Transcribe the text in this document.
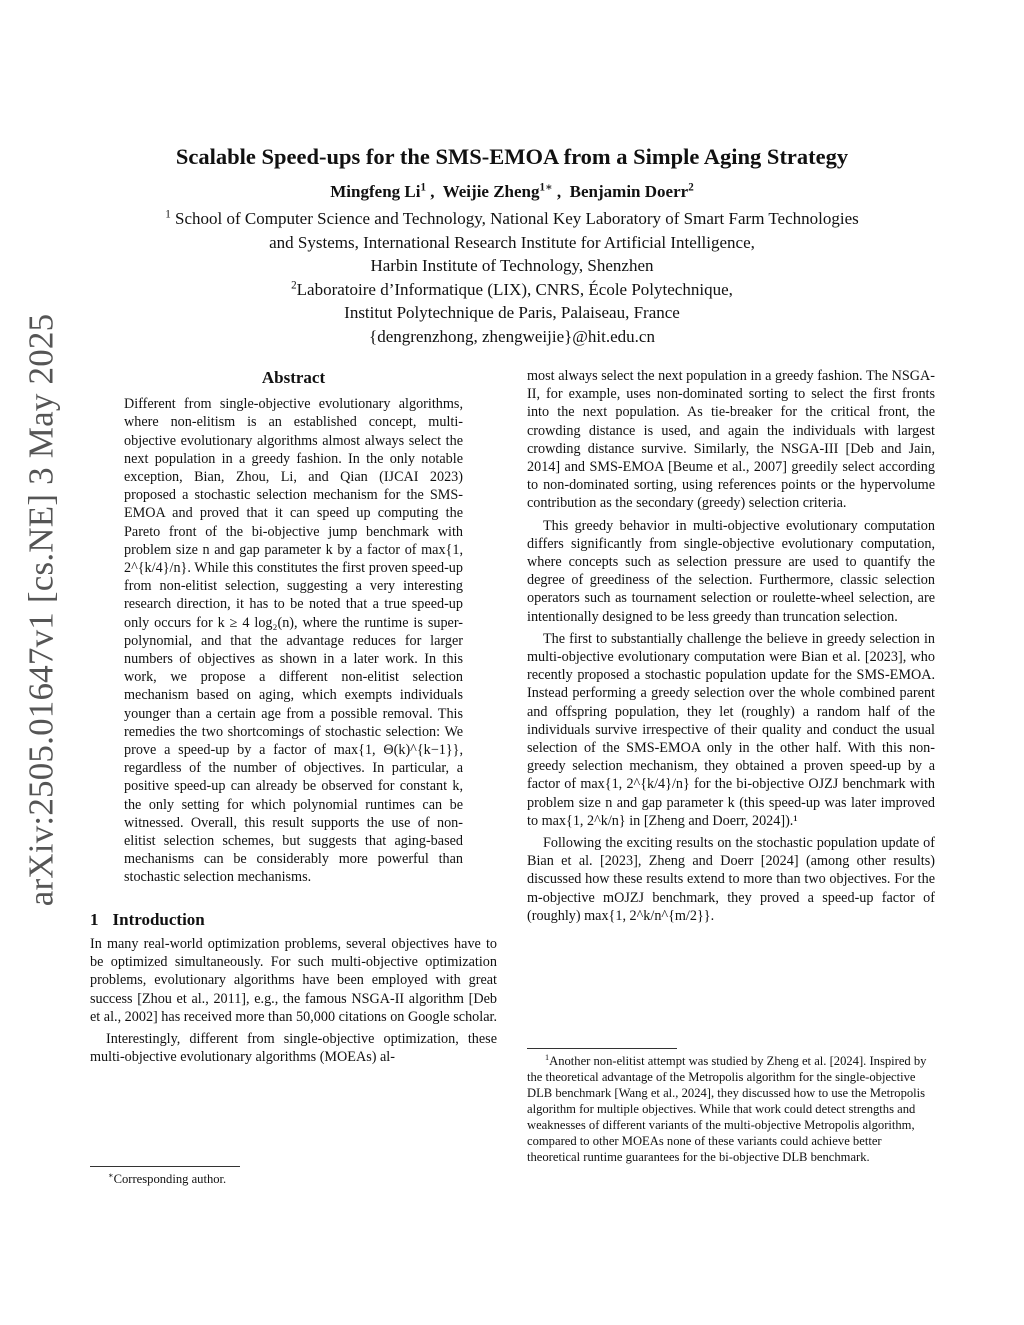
arXiv:2505.01647v1 [cs.NE] 3 May 2025
Scalable Speed-ups for the SMS-EMOA from a Simple Aging Strategy
Mingfeng Li$^1$ ,  Weijie Zheng$^{1∗}$ ,  Benjamin Doerr$^2$
$^1$ School of Computer Science and Technology, National Key Laboratory of Smart Farm Technologies
and Systems, International Research Institute for Artificial Intelligence,
Harbin Institute of Technology, Shenzhen
$^2$Laboratoire d’Informatique (LIX), CNRS, École Polytechnique,
Institut Polytechnique de Paris, Palaiseau, France
{dengrenzhong, zhengweijie}@hit.edu.cn
Abstract
Different from single-objective evolutionary algorithms, where non-elitism is an established concept, multi-objective evolutionary algorithms almost always select the next population in a greedy fashion. In the only notable exception, Bian, Zhou, Li, and Qian (IJCAI 2023) proposed a stochastic selection mechanism for the SMS-EMOA and proved that it can speed up computing the Pareto front of the bi-objective jump benchmark with problem size n and gap parameter k by a factor of max{1, 2^{k/4}/n}. While this constitutes the first proven speed-up from non-elitist selection, suggesting a very interesting research direction, it has to be noted that a true speed-up only occurs for k ≥ 4 log₂(n), where the runtime is super-polynomial, and that the advantage reduces for larger numbers of objectives as shown in a later work. In this work, we propose a different non-elitist selection mechanism based on aging, which exempts individuals younger than a certain age from a possible removal. This remedies the two shortcomings of stochastic selection: We prove a speed-up by a factor of max{1, Θ(k)^{k−1}}, regardless of the number of objectives. In particular, a positive speed-up can already be observed for constant k, the only setting for which polynomial runtimes can be witnessed. Overall, this result supports the use of non-elitist selection schemes, but suggests that aging-based mechanisms can be considerably more powerful than stochastic selection mechanisms.
1 Introduction

In many real-world optimization problems, several objectives have to be optimized simultaneously. For such multi-objective optimization problems, evolutionary algorithms have been employed with great success [Zhou et al., 2011], e.g., the famous NSGA-II algorithm [Deb et al., 2002] has received more than 50,000 citations on Google scholar.

Interestingly, different from single-objective optimization, these multi-objective evolutionary algorithms (MOEAs) al-

∗Corresponding author.

most always select the next population in a greedy fashion. The NSGA-II, for example, uses non-dominated sorting to select the first fronts into the next population. As tie-breaker for the critical front, the crowding distance is used, and again the individuals with largest crowding distance survive. Similarly, the NSGA-III [Deb and Jain, 2014] and SMS-EMOA [Beume et al., 2007] greedily select according to non-dominated sorting, using references points or the hypervolume contribution as the secondary (greedy) selection criteria.

This greedy behavior in multi-objective evolutionary computation differs significantly from single-objective evolutionary computation, where concepts such as selection pressure are used to quantify the degree of greediness of the selection. Furthermore, classic selection operators such as tournament selection or roulette-wheel selection, are intentionally designed to be less greedy than truncation selection.

The first to substantially challenge the believe in greedy selection in multi-objective evolutionary computation were Bian et al. [2023], who recently proposed a stochastic population update for the SMS-EMOA. Instead performing a greedy selection over the whole combined parent and offspring population, they let (roughly) a random half of the individuals survive irrespective of their quality and conduct the usual selection of the SMS-EMOA only in the other half. With this non-greedy selection mechanism, they obtained a proven speed-up by a factor of max{1, 2^{k/4}/n} for the bi-objective OJZJ benchmark with problem size n and gap parameter k (this speed-up was later improved to max{1, 2^k/n} in [Zheng and Doerr, 2024]).¹

Following the exciting results on the stochastic population update of Bian et al. [2023], Zheng and Doerr [2024] (among other results) discussed how these results extend to more than two objectives. For the m-objective mOJZJ benchmark, they proved a speed-up factor of (roughly) max{1, 2^k/n^{m/2}}.

$^1$Another non-elitist attempt was studied by Zheng et al. [2024]. Inspired by the theoretical advantage of the Metropolis algorithm for the single-objective DLB benchmark [Wang et al., 2024], they discussed how to use the Metropolis algorithm for multiple objectives. While that work could detect strengths and weaknesses of different variants of the multi-objective Metropolis algorithm, compared to other MOEAs none of these variants could achieve better theoretical runtime guarantees for the bi-objective DLB benchmark.
